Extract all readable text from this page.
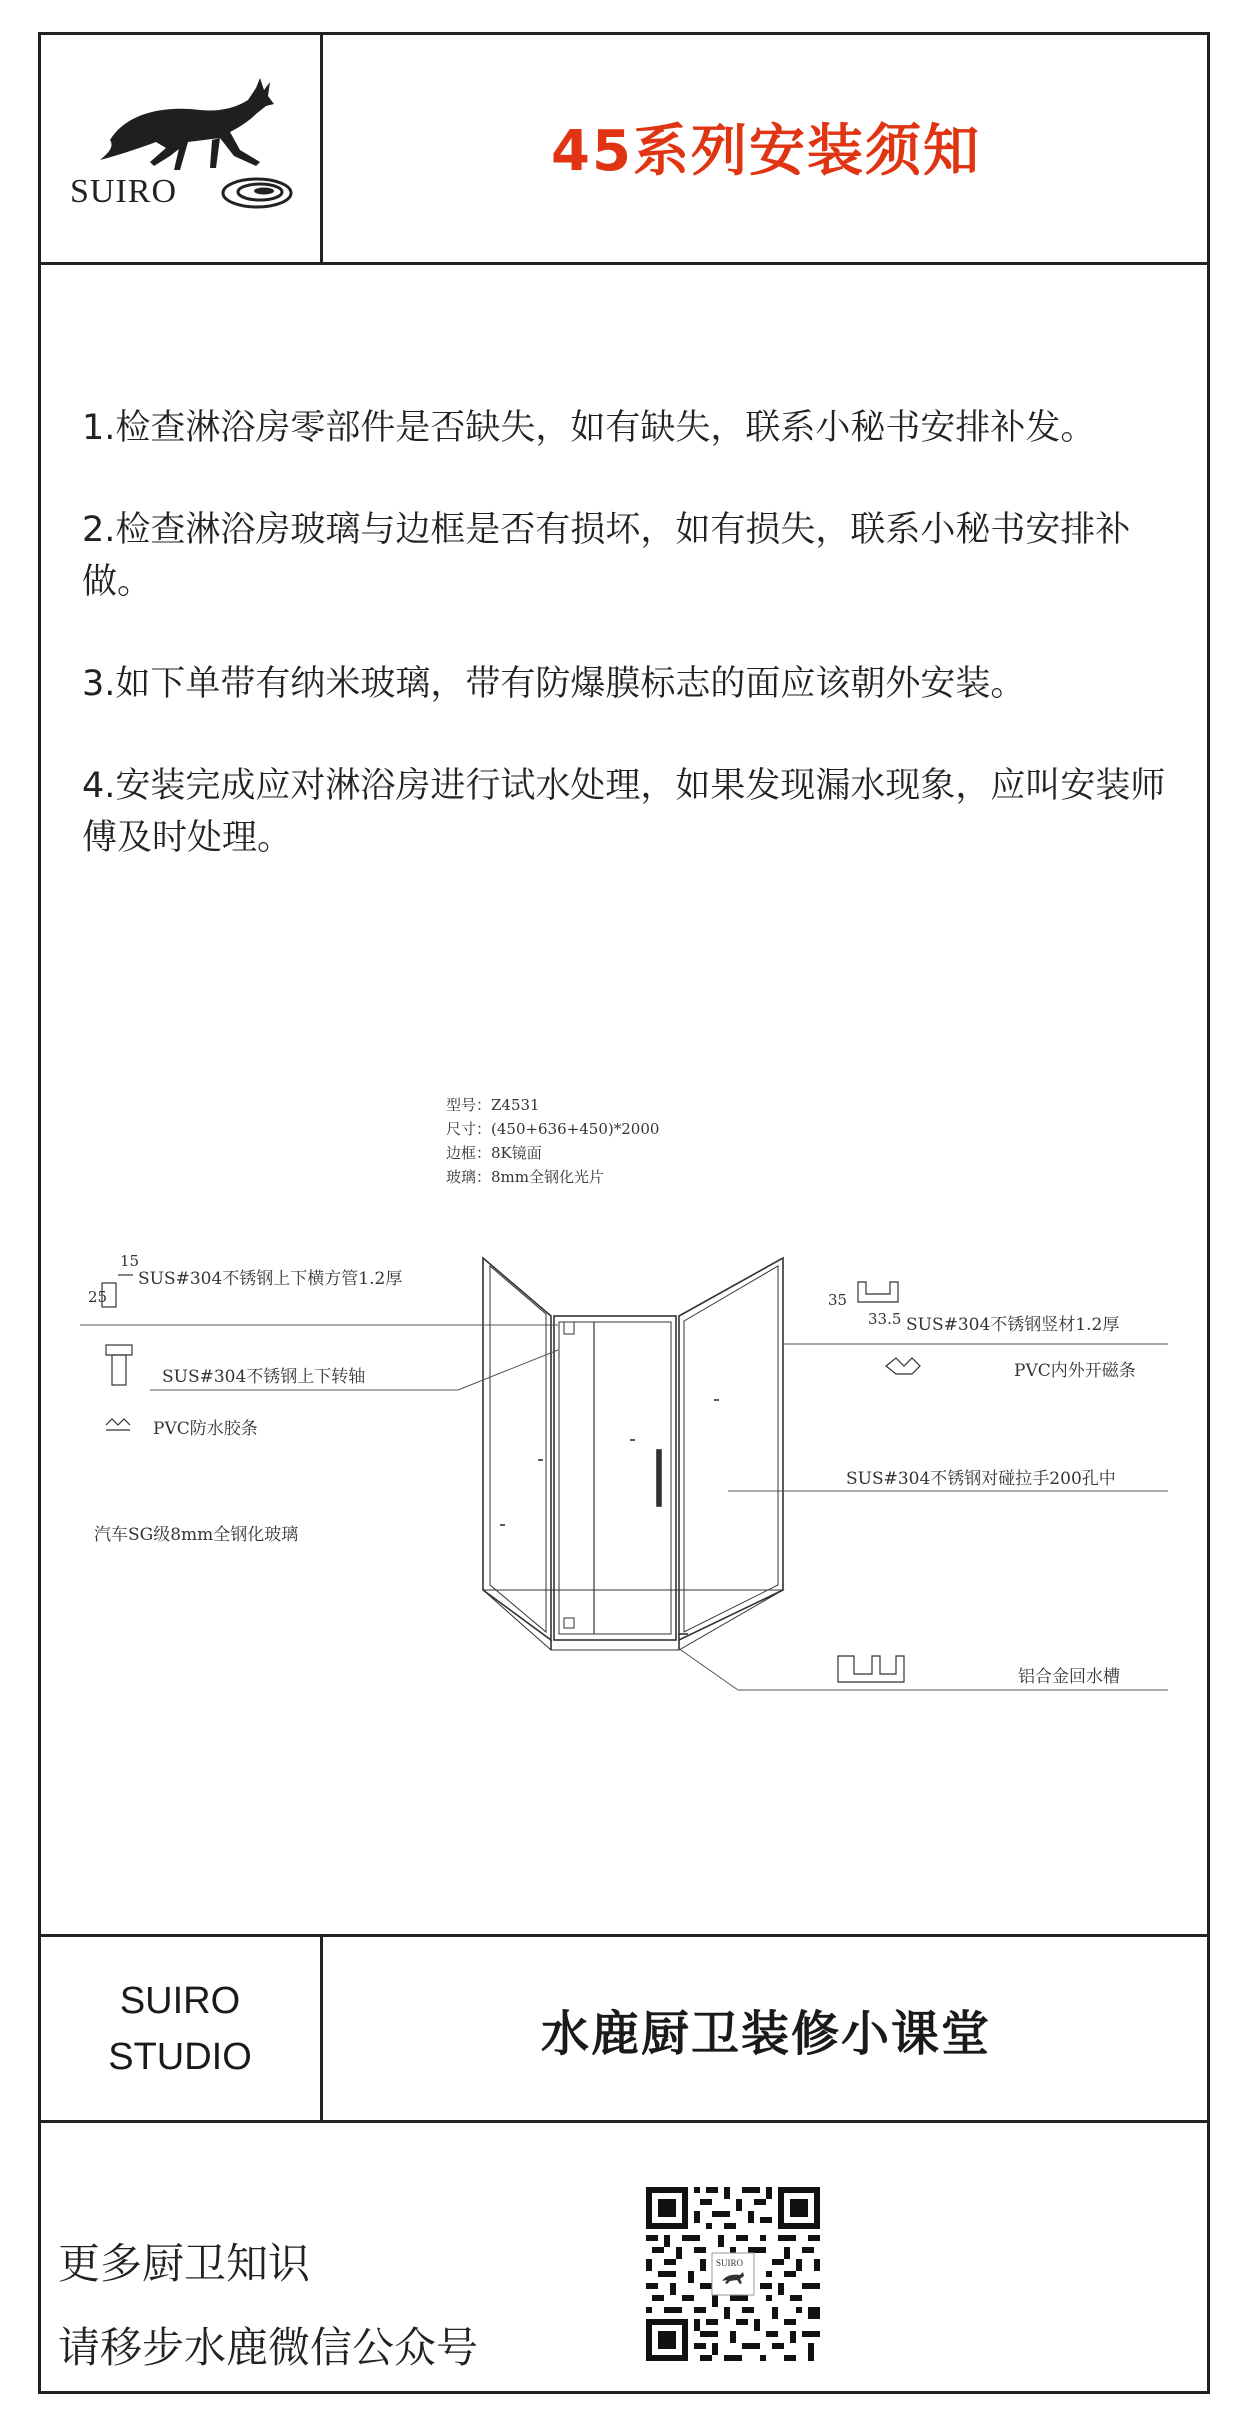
SUIRO
45系列安装须知

1.检查淋浴房零部件是否缺失，如有缺失，联系小秘书安排补发。

2.检查淋浴房玻璃与边框是否有损坏，如有损失，联系小秘书安排补做。

3.如下单带有纳米玻璃，带有防爆膜标志的面应该朝外安装。

4.安装完成应对淋浴房进行试水处理，如果发现漏水现象，应叫安装师傅及时处理。

型号：Z4531
尺寸：(450+636+450)*2000
边框：8K镜面
玻璃：8mm全钢化光片
15
25
SUS#304不锈钢上下横方管1.2厚
SUS#304不锈钢上下转轴
PVC防水胶条
汽车SG级8mm全钢化玻璃
35
33.5 SUS#304不锈钢竖材1.2厚
PVC内外开磁条
SUS#304不锈钢对碰拉手200孔中
铝合金回水槽
SUIRO
STUDIO	水鹿厨卫装修小课堂
更多厨卫知识
请移步水鹿微信公众号
SUIRO
